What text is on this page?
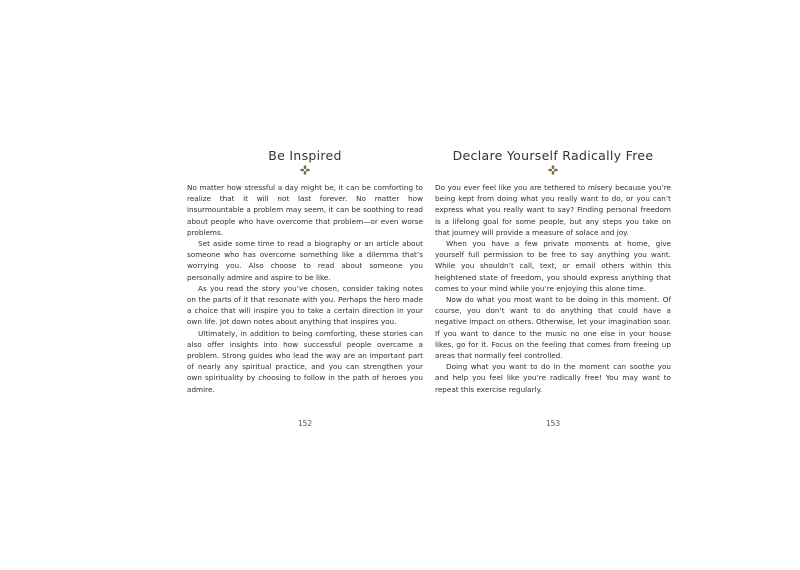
Be Inspired

No matter how stressful a day might be, it can be comforting to realize that it will not last forever. No matter how insurmountable a problem may seem, it can be soothing to read about people who have overcome that problem—or even worse problems.

Set aside some time to read a biography or an article about someone who has overcome something like a dilemma that’s worrying you. Also choose to read about someone you personally admire and aspire to be like.

As you read the story you’ve chosen, consider taking notes on the parts of it that resonate with you. Perhaps the hero made a choice that will inspire you to take a certain direction in your own life. Jot down notes about anything that inspires you.

Ultimately, in addition to being comforting, these stories can also offer insights into how successful people overcame a problem. Strong guides who lead the way are an important part of nearly any spiritual practice, and you can strengthen your own spirituality by choosing to follow in the path of heroes you admire.

152
Declare Yourself Radically Free

Do you ever feel like you are tethered to misery because you’re being kept from doing what you really want to do, or you can’t express what you really want to say? Finding personal freedom is a lifelong goal for some people, but any steps you take on that journey will provide a measure of solace and joy.

When you have a few private moments at home, give yourself full permission to be free to say anything you want. While you shouldn’t call, text, or email others within this heightened state of freedom, you should express anything that comes to your mind while you’re enjoying this alone time.

Now do what you most want to be doing in this moment. Of course, you don’t want to do anything that could have a negative impact on others. Otherwise, let your imagination soar. If you want to dance to the music no one else in your house likes, go for it. Focus on the feeling that comes from freeing up areas that normally feel controlled.

Doing what you want to do in the moment can soothe you and help you feel like you’re radically free! You may want to repeat this exercise regularly.

153
